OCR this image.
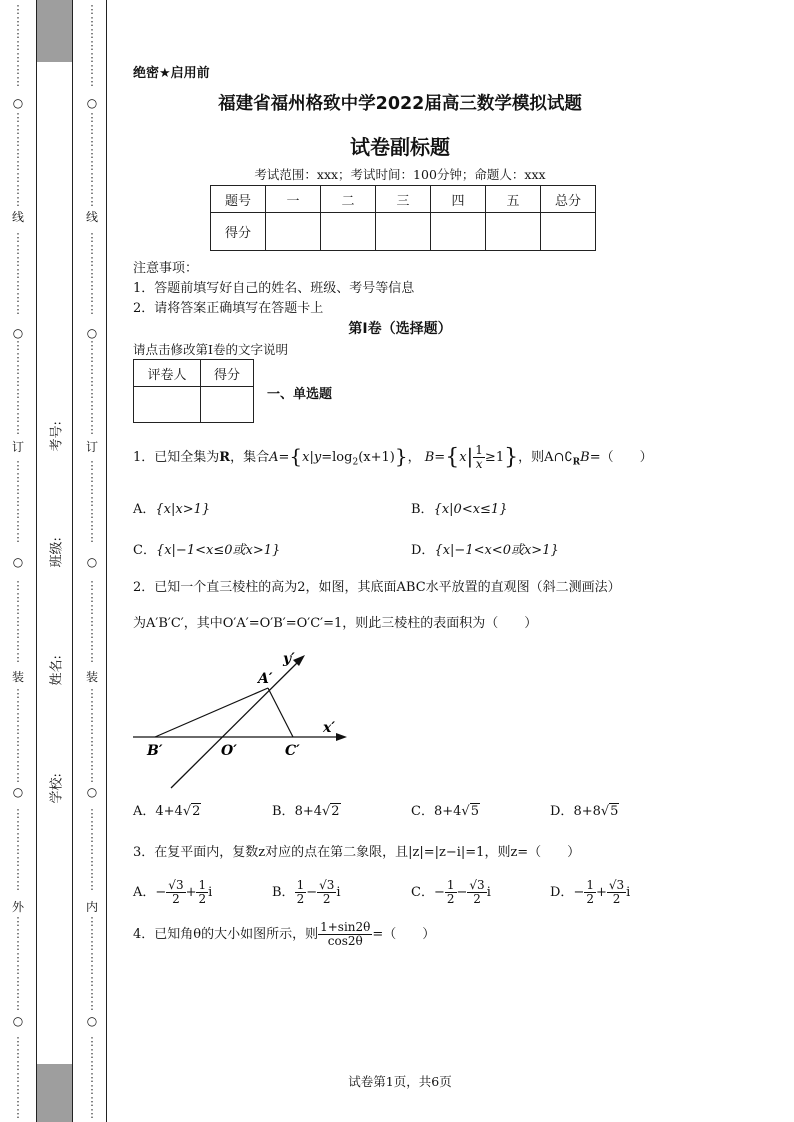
⋮
⋮
⋮
⋮
⋮
⋮
⋮

⋮
⋮
⋮
⋮
⋮
⋮
⋮
⋮

⋮
⋮
⋮
⋮
⋮
⋮
⋮

⋮
⋮
⋮
⋮
⋮
⋮
⋮
⋮

⋮
⋮
⋮
⋮
⋮
⋮
⋮

⋮
⋮
⋮
⋮
⋮
⋮
⋮

⋮
⋮
⋮
⋮
⋮
⋮
⋮
⋮

⋮
⋮
⋮
⋮
⋮
⋮
⋮

⋮
⋮
⋮
⋮
⋮
⋮
⋮
⋮

⋮
⋮
⋮
⋮
⋮
⋮
⋮

⋮
⋮
⋮
⋮
⋮
⋮
⋮

⋮
⋮
⋮
⋮
⋮
⋮
⋮
⋮

⋮
⋮
⋮
⋮
⋮
⋮
⋮

⋮
⋮
⋮
⋮
⋮
⋮
⋮
⋮

⋮
⋮
⋮
⋮
⋮
⋮
⋮

⋮
⋮
⋮
⋮
⋮
⋮
⋮

⋮
⋮
⋮
⋮
⋮
⋮
⋮
⋮

⋮
⋮
⋮
⋮
⋮
⋮
⋮

⋮
⋮
⋮
⋮
⋮
⋮
⋮
⋮

⋮
⋮
⋮
⋮
⋮
⋮
⋮

○
线
○
订
○
装
○
外
○
○
线
○
订
○
装
○
内
○
考号:
班级:
姓名:
学校:
绝密★启用前
福建省福州格致中学2022届高三数学模拟试题
试卷副标题
考试范围：xxx；考试时间：100分钟；命题人：xxx
题号	一	二	三	四	五	总分
得分						
注意事项：
1．答题前填写好自己的姓名、班级、考号等信息
2．请将答案正确填写在答题卡上
第I卷（选择题）
请点击修改第I卷的文字说明
评卷人	得分

一、单选题
1．已知全集为R，集合$A=\{x|y=\log_2(x+1)\}$， $B=\{x| \frac{1}{x} \ge 1\}$，则$A\cap∁_RB=$（　　）
A．{x|x>1}	B．{x|0<x≤1}
C．{x|−1<x≤0或x>1}	D．{x|−1<x<0或x>1}
2．已知一个直三棱柱的高为2，如图，其底面ABC水平放置的直观图（斜二测画法）
为A′B′C′，其中O′A′=O′B′=O′C′=1，则此三棱柱的表面积为（　　）
y′
x′
A′
B′	O′	C′
A．4+4√2	B．8+4√2	C．8+4√5	D．8+8√5
3．在复平面内，复数z对应的点在第二象限，且|z|=|z−i|=1，则z=（　　）
A．− $\frac{√3}{2} + \frac{1}{2}$ i	B． $\frac{1}{2} - \frac{√3}{2}$ i	C．− $\frac{1}{2} - \frac{√3}{2}$ i	D．− $\frac{1}{2} + \frac{√3}{2}$ i
4．已知角θ的大小如图所示，则 $\frac{1+\sin 2\theta}{\cos 2\theta}$ =（　　）
试卷第1页，共6页
